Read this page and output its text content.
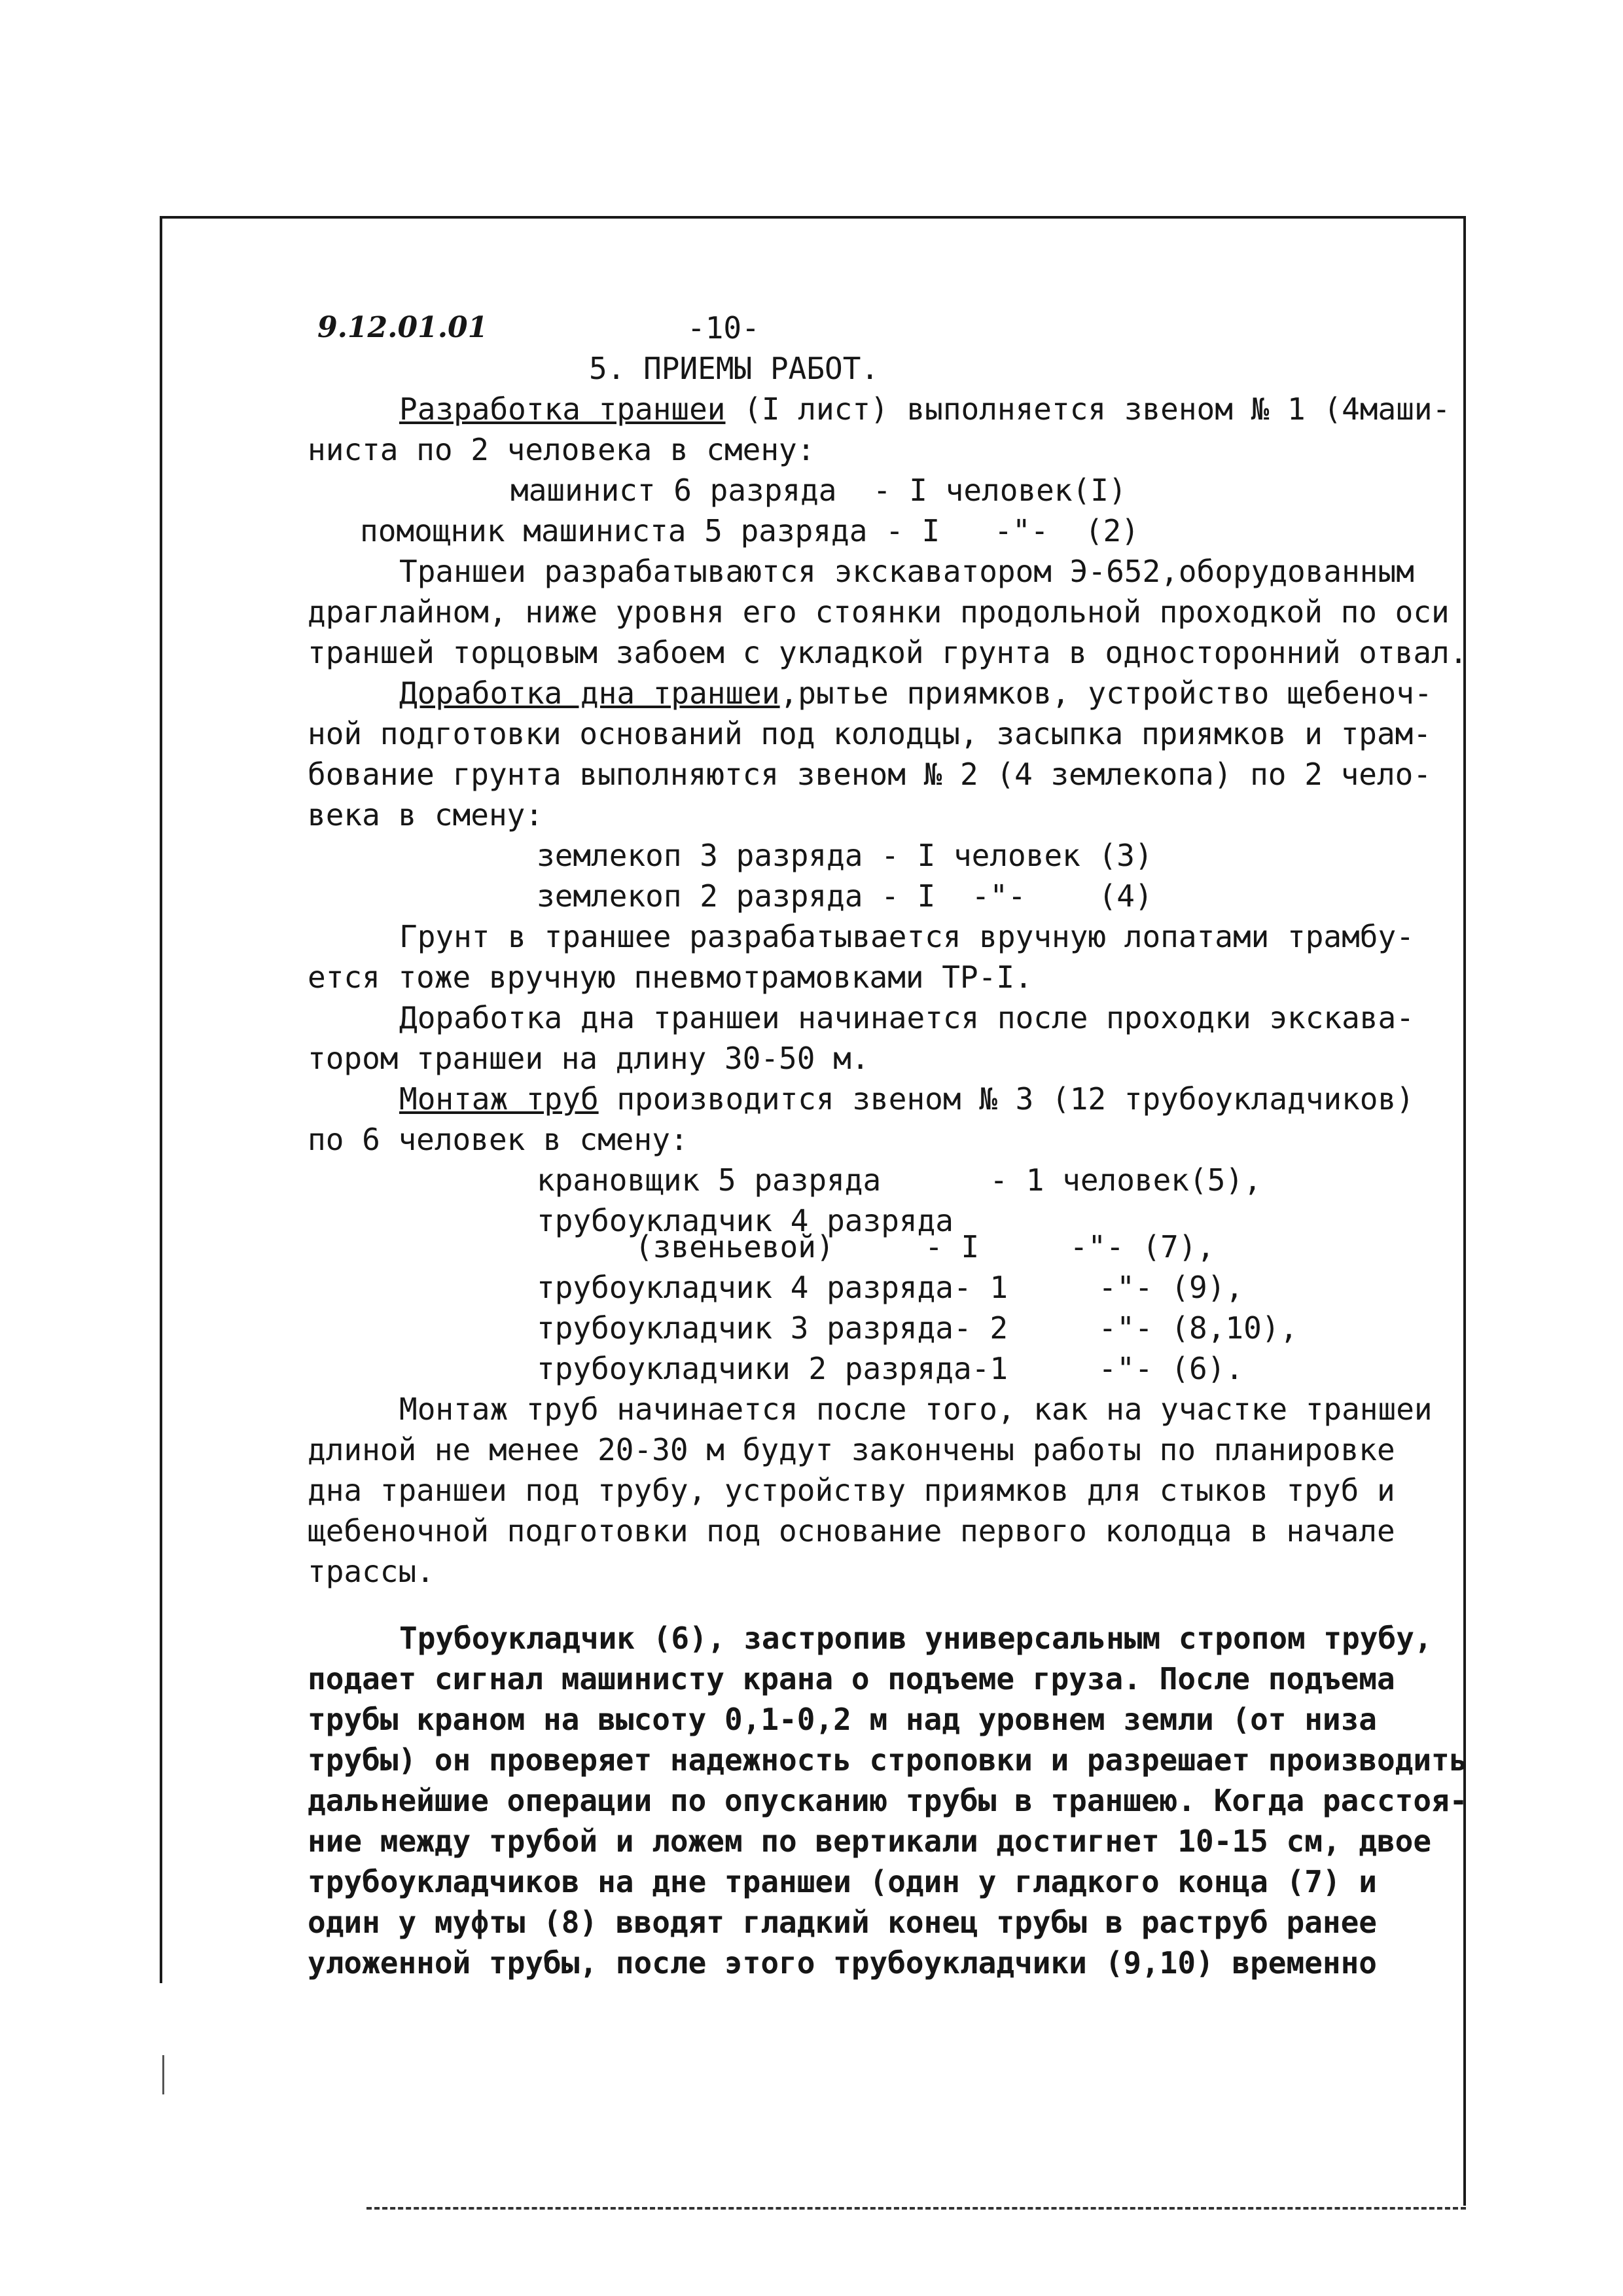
9.12.01.01	-10-
5. ПРИЕМЫ РАБОТ.
Разработка траншеи (I лист) выполняется звеном № 1 (4маши-
ниста по 2 человека в смену:
машинист 6 разряда  - I человек(I)
помощник машиниста 5 разряда - I   -"-  (2)
Траншеи разрабатываются экскаватором Э-652,оборудованным
драглайном, ниже уровня его стоянки продольной проходкой по оси
траншей торцовым забоем с укладкой грунта в односторонний отвал.
Доработка дна траншеи,рытье приямков, устройство щебеноч-
ной подготовки оснований под колодцы, засыпка приямков и трам-
бование грунта выполняются звеном № 2 (4 землекопа) по 2 чело-
века в смену:
землекоп 3 разряда - I человек (3)
землекоп 2 разряда - I  -"-    (4)
Грунт в траншее разрабатывается вручную лопатами трамбу-
ется тоже вручную пневмотрамовками ТР-I.
Доработка дна траншеи начинается после проходки экскава-
тором траншеи на длину 30-50 м.
Монтаж труб производится звеном № 3 (12 трубоукладчиков)
по 6 человек в смену:
крановщик 5 разряда      - 1 человек(5),
трубоукладчик 4 разряда
(звеньевой)     - I     -"- (7),
трубоукладчик 4 разряда- 1     -"- (9),
трубоукладчик 3 разряда- 2     -"- (8,10),
трубоукладчики 2 разряда-1     -"- (6).
Монтаж труб начинается после того, как на участке траншеи
длиной не менее 20-30 м будут закончены работы по планировке
дна траншеи под трубу, устройству приямков для стыков труб и
щебеночной подготовки под основание первого колодца в начале
трассы.
Трубоукладчик (6), застропив универсальным стропом трубу,
подает сигнал машинисту крана о подъеме груза. После подъема
трубы краном на высоту 0,1-0,2 м над уровнем земли (от низа
трубы) он проверяет надежность строповки и разрешает производить
дальнейшие операции по опусканию трубы в траншею. Когда расстоя-
ние между трубой и ложем по вертикали достигнет 10-15 см, двое
трубоукладчиков на дне траншеи (один у гладкого конца (7) и
один у муфты (8) вводят гладкий конец трубы в раструб ранее
уложенной трубы, после этого трубоукладчики (9,10) временно
